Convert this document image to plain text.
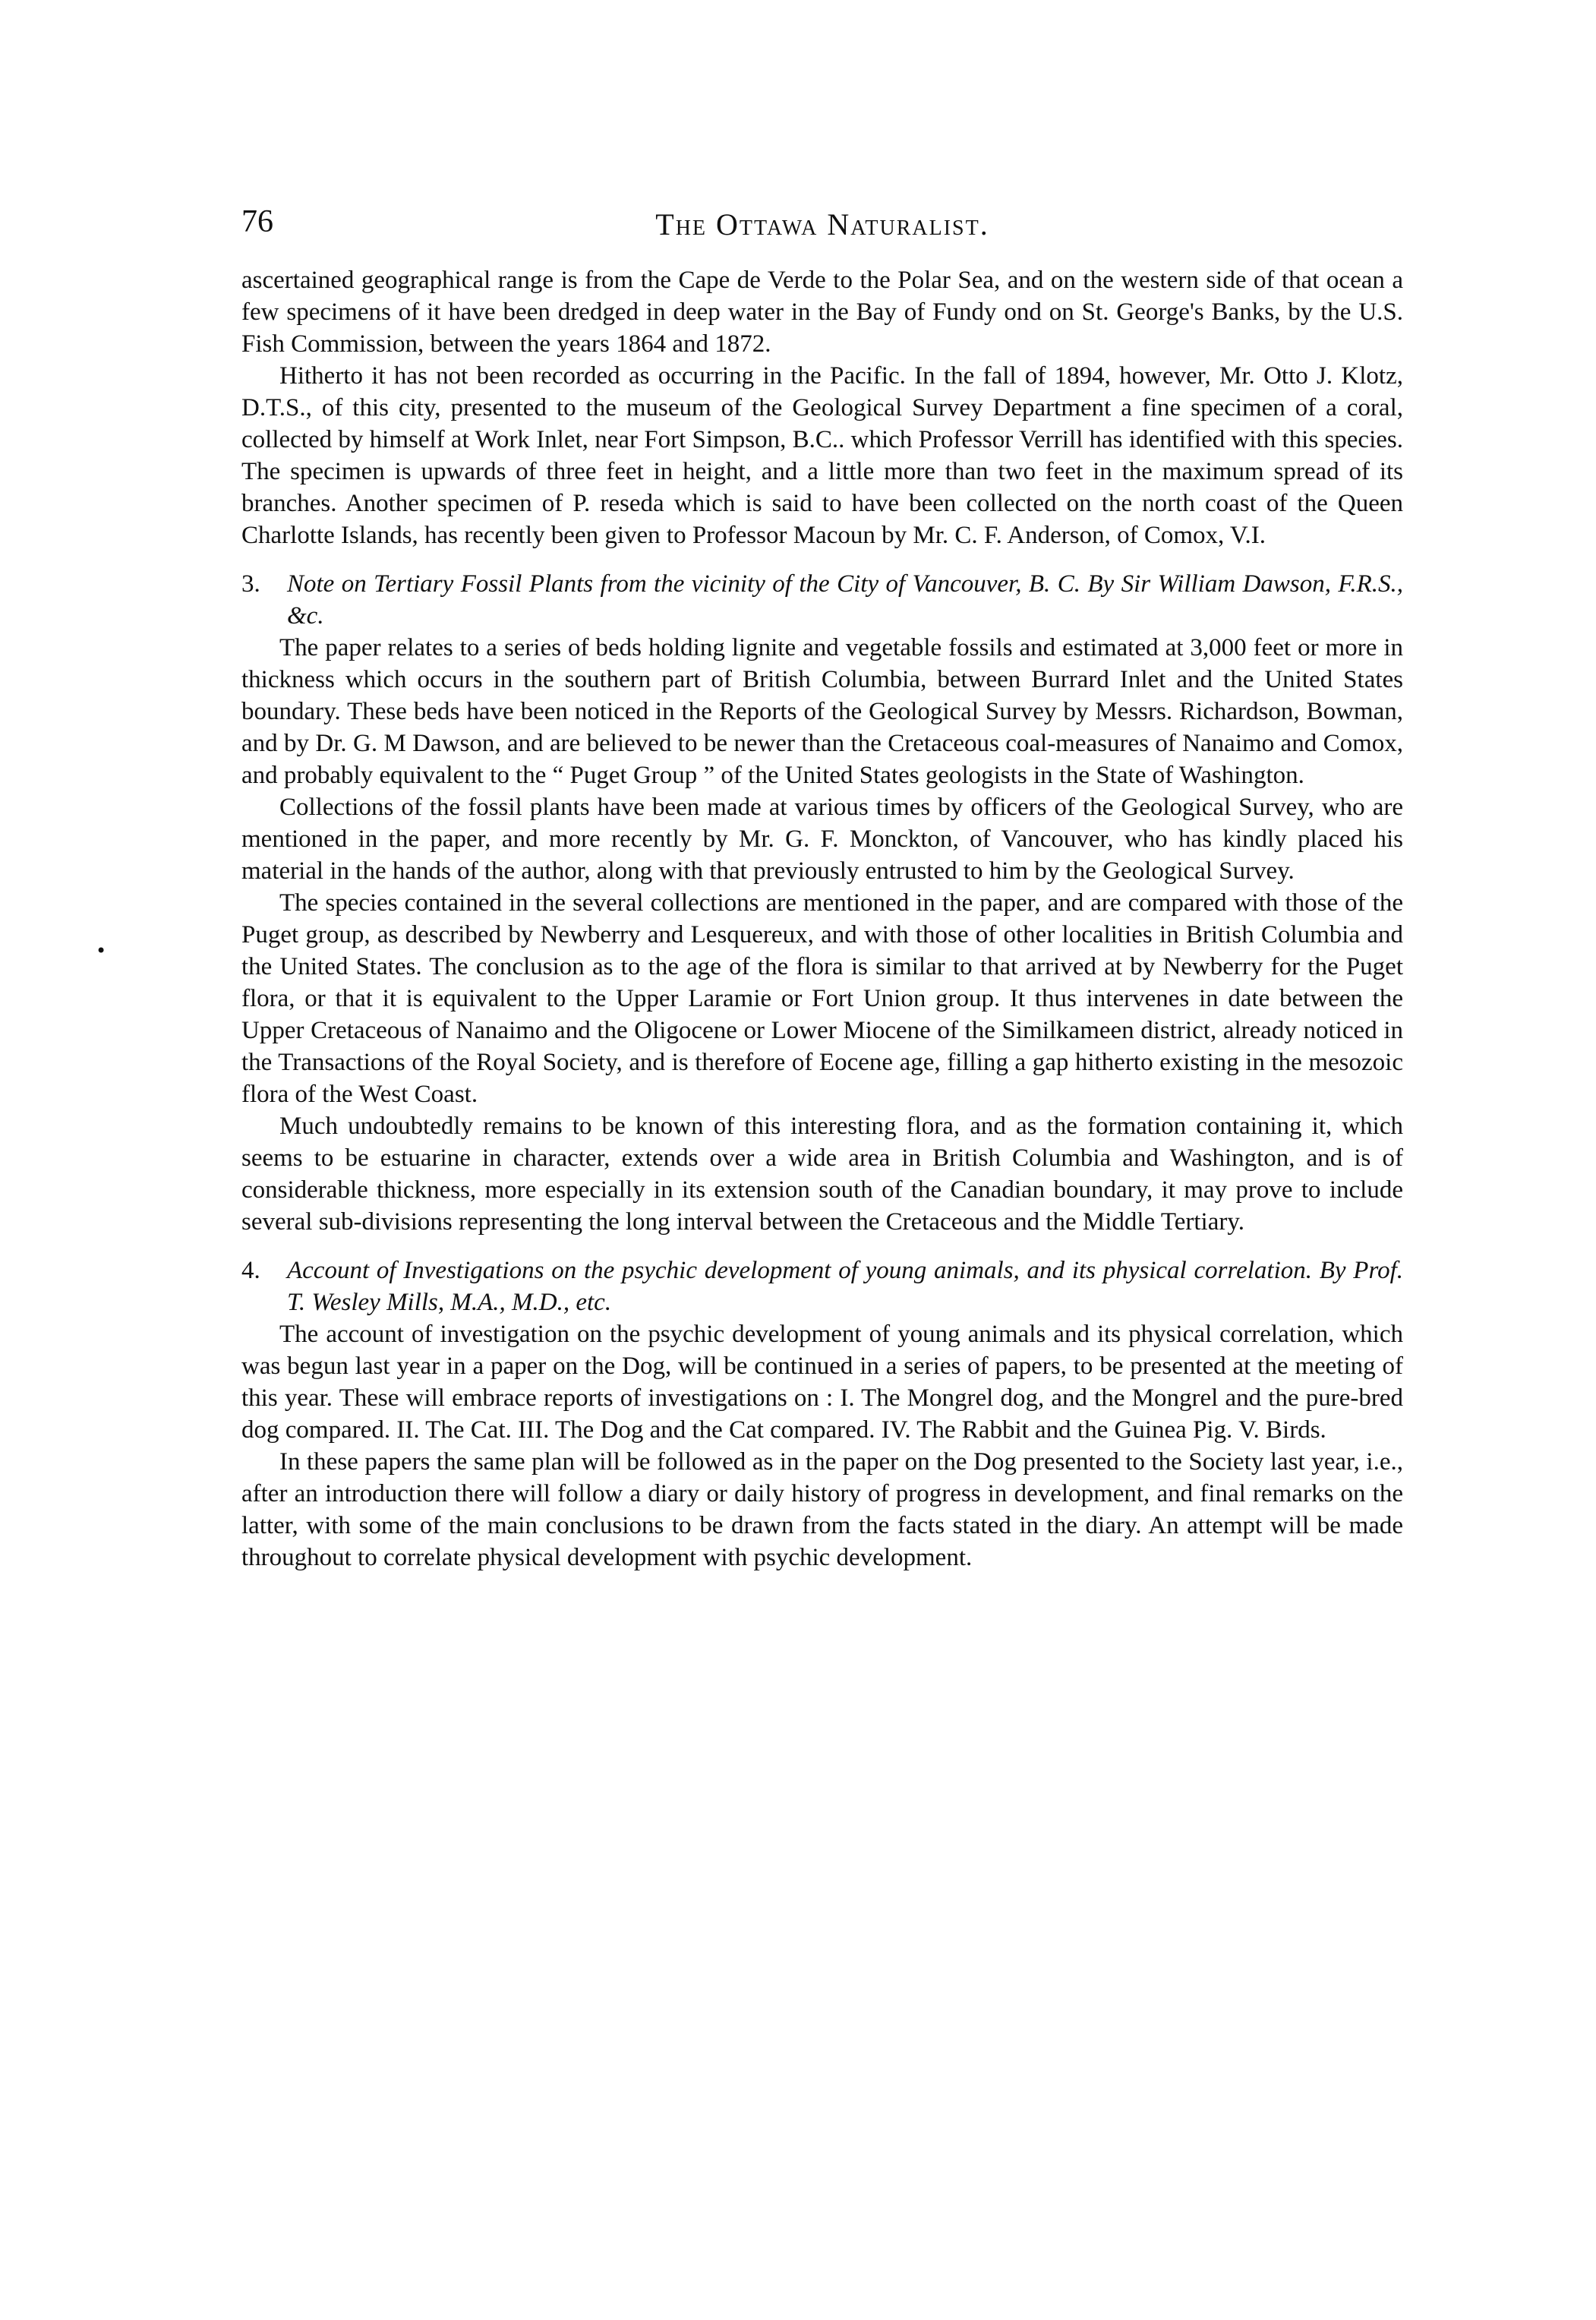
•
76	The Ottawa Naturalist.

ascertained geographical range is from the Cape de Verde to the Polar Sea, and on the western side of that ocean a few specimens of it have been dredged in deep water in the Bay of Fundy ond on St. George's Banks, by the U.S. Fish Commission, between the years 1864 and 1872.

Hitherto it has not been recorded as occurring in the Pacific. In the fall of 1894, however, Mr. Otto J. Klotz, D.T.S., of this city, presented to the museum of the Geological Survey Department a fine specimen of a coral, collected by himself at Work Inlet, near Fort Simpson, B.C.. which Professor Verrill has identified with this species. The specimen is upwards of three feet in height, and a little more than two feet in the maximum spread of its branches. Another specimen of P. reseda which is said to have been collected on the north coast of the Queen Charlotte Islands, has recently been given to Professor Macoun by Mr. C. F. Anderson, of Comox, V.I.

3. Note on Tertiary Fossil Plants from the vicinity of the City of Vancouver, B. C. By Sir William Dawson, F.R.S., &c.

The paper relates to a series of beds holding lignite and vegetable fossils and estimated at 3,000 feet or more in thickness which occurs in the southern part of British Columbia, between Burrard Inlet and the United States boundary. These beds have been noticed in the Reports of the Geological Survey by Messrs. Richardson, Bowman, and by Dr. G. M Dawson, and are believed to be newer than the Cretaceous coal-measures of Nanaimo and Comox, and probably equivalent to the “ Puget Group ” of the United States geologists in the State of Washington.

Collections of the fossil plants have been made at various times by officers of the Geological Survey, who are mentioned in the paper, and more recently by Mr. G. F. Monckton, of Vancouver, who has kindly placed his material in the hands of the author, along with that previously entrusted to him by the Geological Survey.

The species contained in the several collections are mentioned in the paper, and are compared with those of the Puget group, as described by Newberry and Lesquereux, and with those of other localities in British Columbia and the United States. The conclusion as to the age of the flora is similar to that arrived at by Newberry for the Puget flora, or that it is equivalent to the Upper Laramie or Fort Union group. It thus intervenes in date between the Upper Cretaceous of Nanaimo and the Oligocene or Lower Miocene of the Similkameen district, already noticed in the Transactions of the Royal Society, and is therefore of Eocene age, filling a gap hitherto existing in the mesozoic flora of the West Coast.

Much undoubtedly remains to be known of this interesting flora, and as the formation containing it, which seems to be estuarine in character, extends over a wide area in British Columbia and Washington, and is of considerable thickness, more especially in its extension south of the Canadian boundary, it may prove to include several sub-divisions representing the long interval between the Cretaceous and the Middle Tertiary.

4. Account of Investigations on the psychic development of young animals, and its physical correlation. By Prof. T. Wesley Mills, M.A., M.D., etc.

The account of investigation on the psychic development of young animals and its physical correlation, which was begun last year in a paper on the Dog, will be continued in a series of papers, to be presented at the meeting of this year. These will embrace reports of investigations on : I. The Mongrel dog, and the Mongrel and the pure-bred dog compared. II. The Cat. III. The Dog and the Cat compared. IV. The Rabbit and the Guinea Pig. V. Birds.

In these papers the same plan will be followed as in the paper on the Dog presented to the Society last year, i.e., after an introduction there will follow a diary or daily history of progress in development, and final remarks on the latter, with some of the main conclusions to be drawn from the facts stated in the diary. An attempt will be made throughout to correlate physical development with psychic development.
